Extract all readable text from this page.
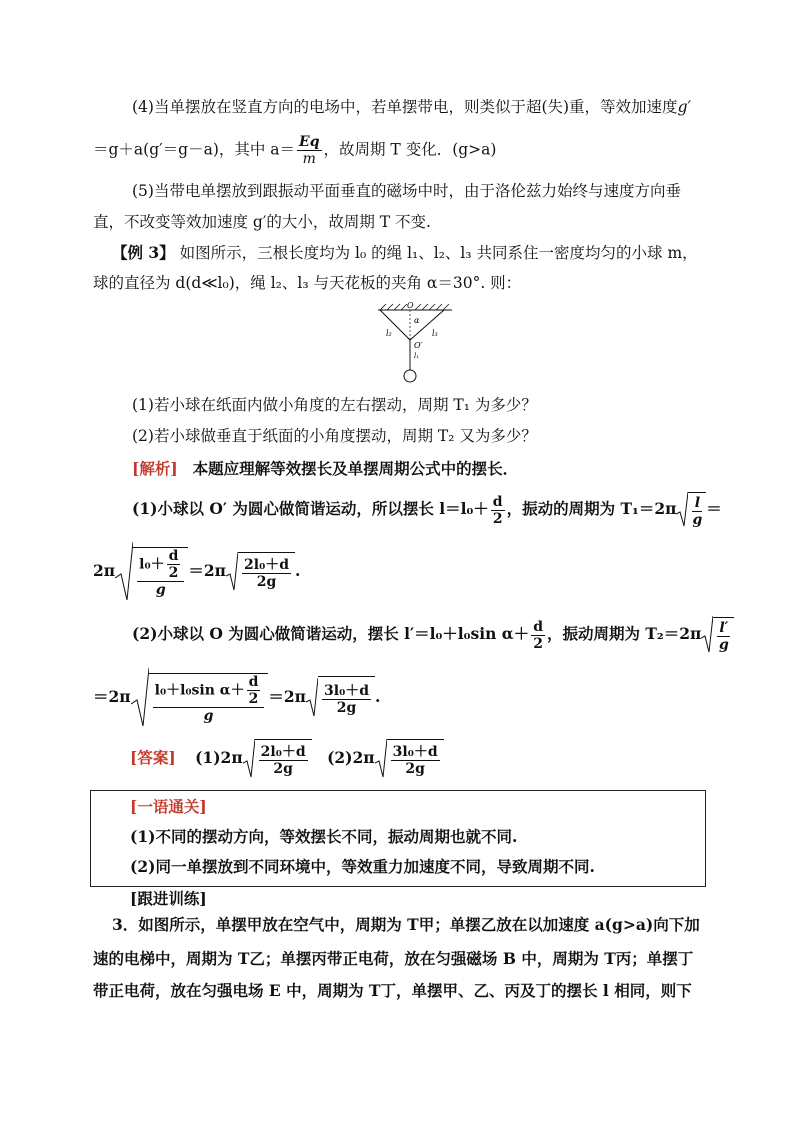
(4)当单摆放在竖直方向的电场中，若单摆带电，则类似于超(失)重，等效加速度g′
＝g＋a(g′＝g－a)，其中 $a= \frac{Eq}{m}$ ，故周期 T 变化．(g>a)
(5)当带电单摆放到跟振动平面垂直的磁场中时，由于洛伦兹力始终与速度方向垂
直，不改变等效加速度 g′的大小，故周期 T 不变.
【例 3】 如图所示，三根长度均为 l₀ 的绳 l₁、l₂、l₃ 共同系住一密度均匀的小球 m，
球的直径为 d(d≪l₀)，绳 l₂、l₃ 与天花板的夹角 α＝30°. 则：
O
α
l₂	l₃
O′
l₁
(1)若小球在纸面内做小角度的左右摆动，周期 T₁ 为多少？
(2)若小球做垂直于纸面的小角度摆动，周期 T₂ 又为多少？
[解析] 本题应理解等效摆长及单摆周期公式中的摆长．
(1)小球以 O′ 为圆心做简谐运动，所以摆长 $l=l_0+ \frac{d}{2}$ ，振动的周期为 $T_1=2\pi \frac{l}{g}$ ＝
$2\pi \frac{l_0+ \frac{d}{2}}{g} =2\pi \frac{\text{2l₀＋d}}{2g}$ .
(2)小球以 O 为圆心做简谐运动，摆长 l′＝l₀＋l₀sin $\alpha+ \frac{d}{2}$ ，振动周期为 $T_2=2\pi \frac{l'}{g}$
$=2\pi \frac{l_0+l_0\sin \alpha+ \frac{d}{2}}{g} =2\pi \frac{\text{3l₀＋d}}{2g}$ .
[答案] $(1)2\pi \frac{\text{2l₀＋d}}{2g} (2)2\pi \frac{\text{3l₀＋d}}{2g}$
[一语通关]
(1)不同的摆动方向，等效摆长不同，振动周期也就不同.
(2)同一单摆放到不同环境中，等效重力加速度不同，导致周期不同.
[跟进训练]
3．如图所示，单摆甲放在空气中，周期为 T甲；单摆乙放在以加速度 a(g>a)向下加
速的电梯中，周期为 T乙；单摆丙带正电荷，放在匀强磁场 B 中，周期为 T丙；单摆丁
带正电荷，放在匀强电场 E 中，周期为 T丁，单摆甲、乙、丙及丁的摆长 l 相同，则下
